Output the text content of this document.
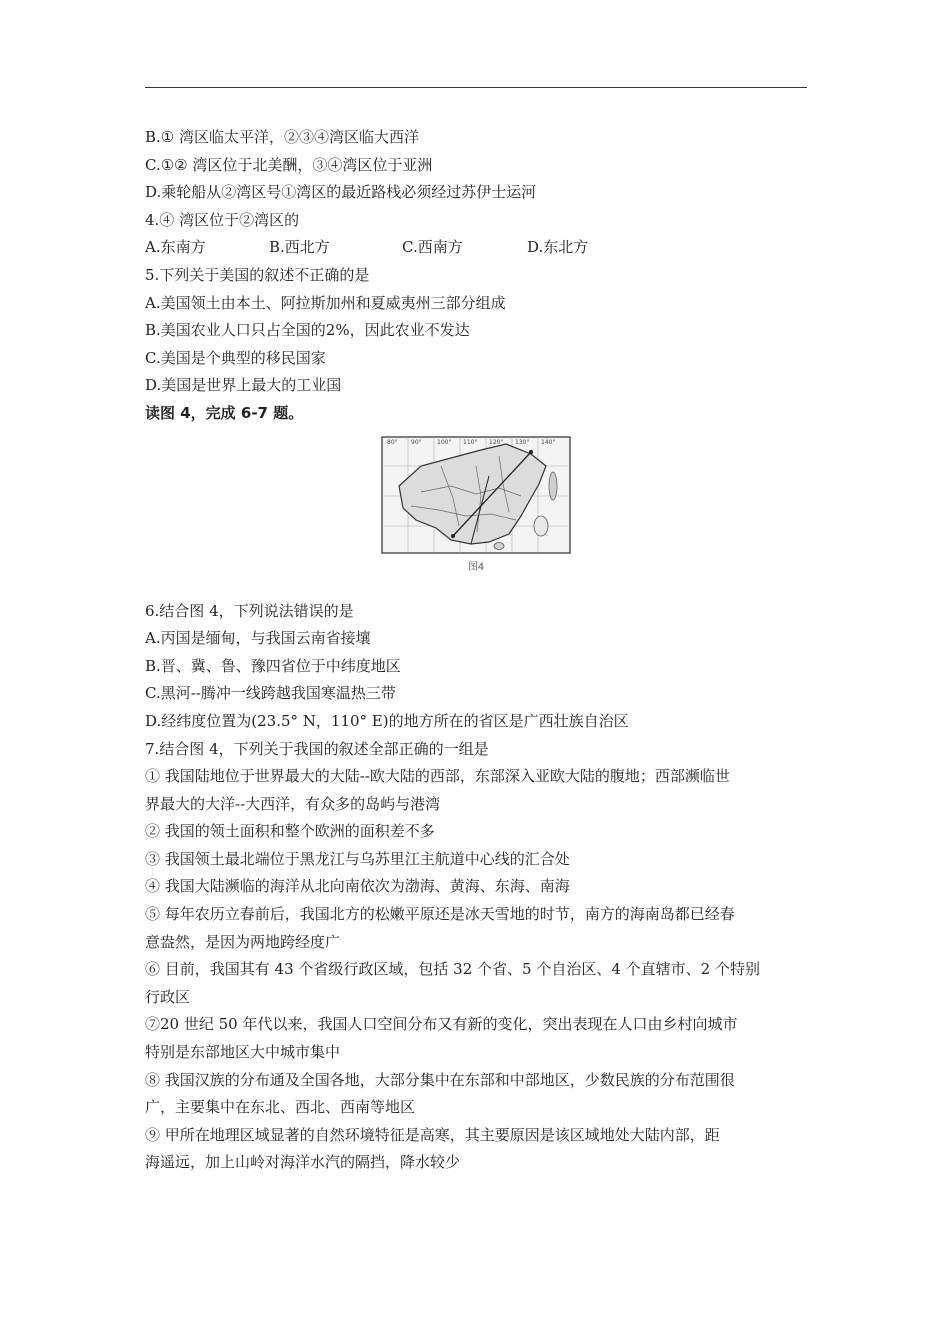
B.① 湾区临太平洋，②③④湾区临大西洋
C.①② 湾区位于北美酬，③④湾区位于亚洲
D.乘轮船从②湾区号①湾区的最近路栈必须经过苏伊士运河
4.④ 湾区位于②湾区的
A.东南方	B.西北方	C.西南方	D.东北方
5.下列关于美国的叙述不正确的是
A.美国领土由本土、阿拉斯加州和夏威夷州三部分组成
B.美国农业人口只占全国的2%，因此农业不发达
C.美国是个典型的移民国家
D.美国是世界上最大的工业国
读图 4，完成 6-7 题。
80° 90°	100° 110° 120° 130° 140°
图4
6.结合图 4，下列说法错误的是
A.丙国是缅甸，与我国云南省接壤
B.晋、冀、鲁、豫四省位于中纬度地区
C.黑河--腾冲一线跨越我国寒温热三带
D.经纬度位置为(23.5° N，110° E)的地方所在的省区是广西壮族自治区
7.结合图 4，下列关于我国的叙述全部正确的一组是
① 我国陆地位于世界最大的大陆--欧大陆的西部，东部深入亚欧大陆的腹地；西部濒临世
界最大的大洋--大西洋，有众多的岛屿与港湾
② 我国的领土面积和整个欧洲的面积差不多
③ 我国领土最北端位于黑龙江与乌苏里江主航道中心线的汇合处
④ 我国大陆濒临的海洋从北向南依次为渤海、黄海、东海、南海
⑤ 每年农历立春前后，我国北方的松嫩平原还是冰天雪地的时节，南方的海南岛都已经春
意盎然，是因为两地跨经度广
⑥ 目前，我国其有 43 个省级行政区域，包括 32 个省、5 个自治区、4 个直辖市、2 个特别
行政区
⑦20 世纪 50 年代以来，我国人口空间分布又有新的变化，突出表现在人口由乡村向城市
特别是东部地区大中城市集中
⑧ 我国汉族的分布通及全国各地，大部分集中在东部和中部地区，少数民族的分布范围很
广，主要集中在东北、西北、西南等地区
⑨ 甲所在地理区域显著的自然环境特征是高寒，其主要原因是该区域地处大陆内部，距
海遥远，加上山岭对海洋水汽的隔挡，降水较少
